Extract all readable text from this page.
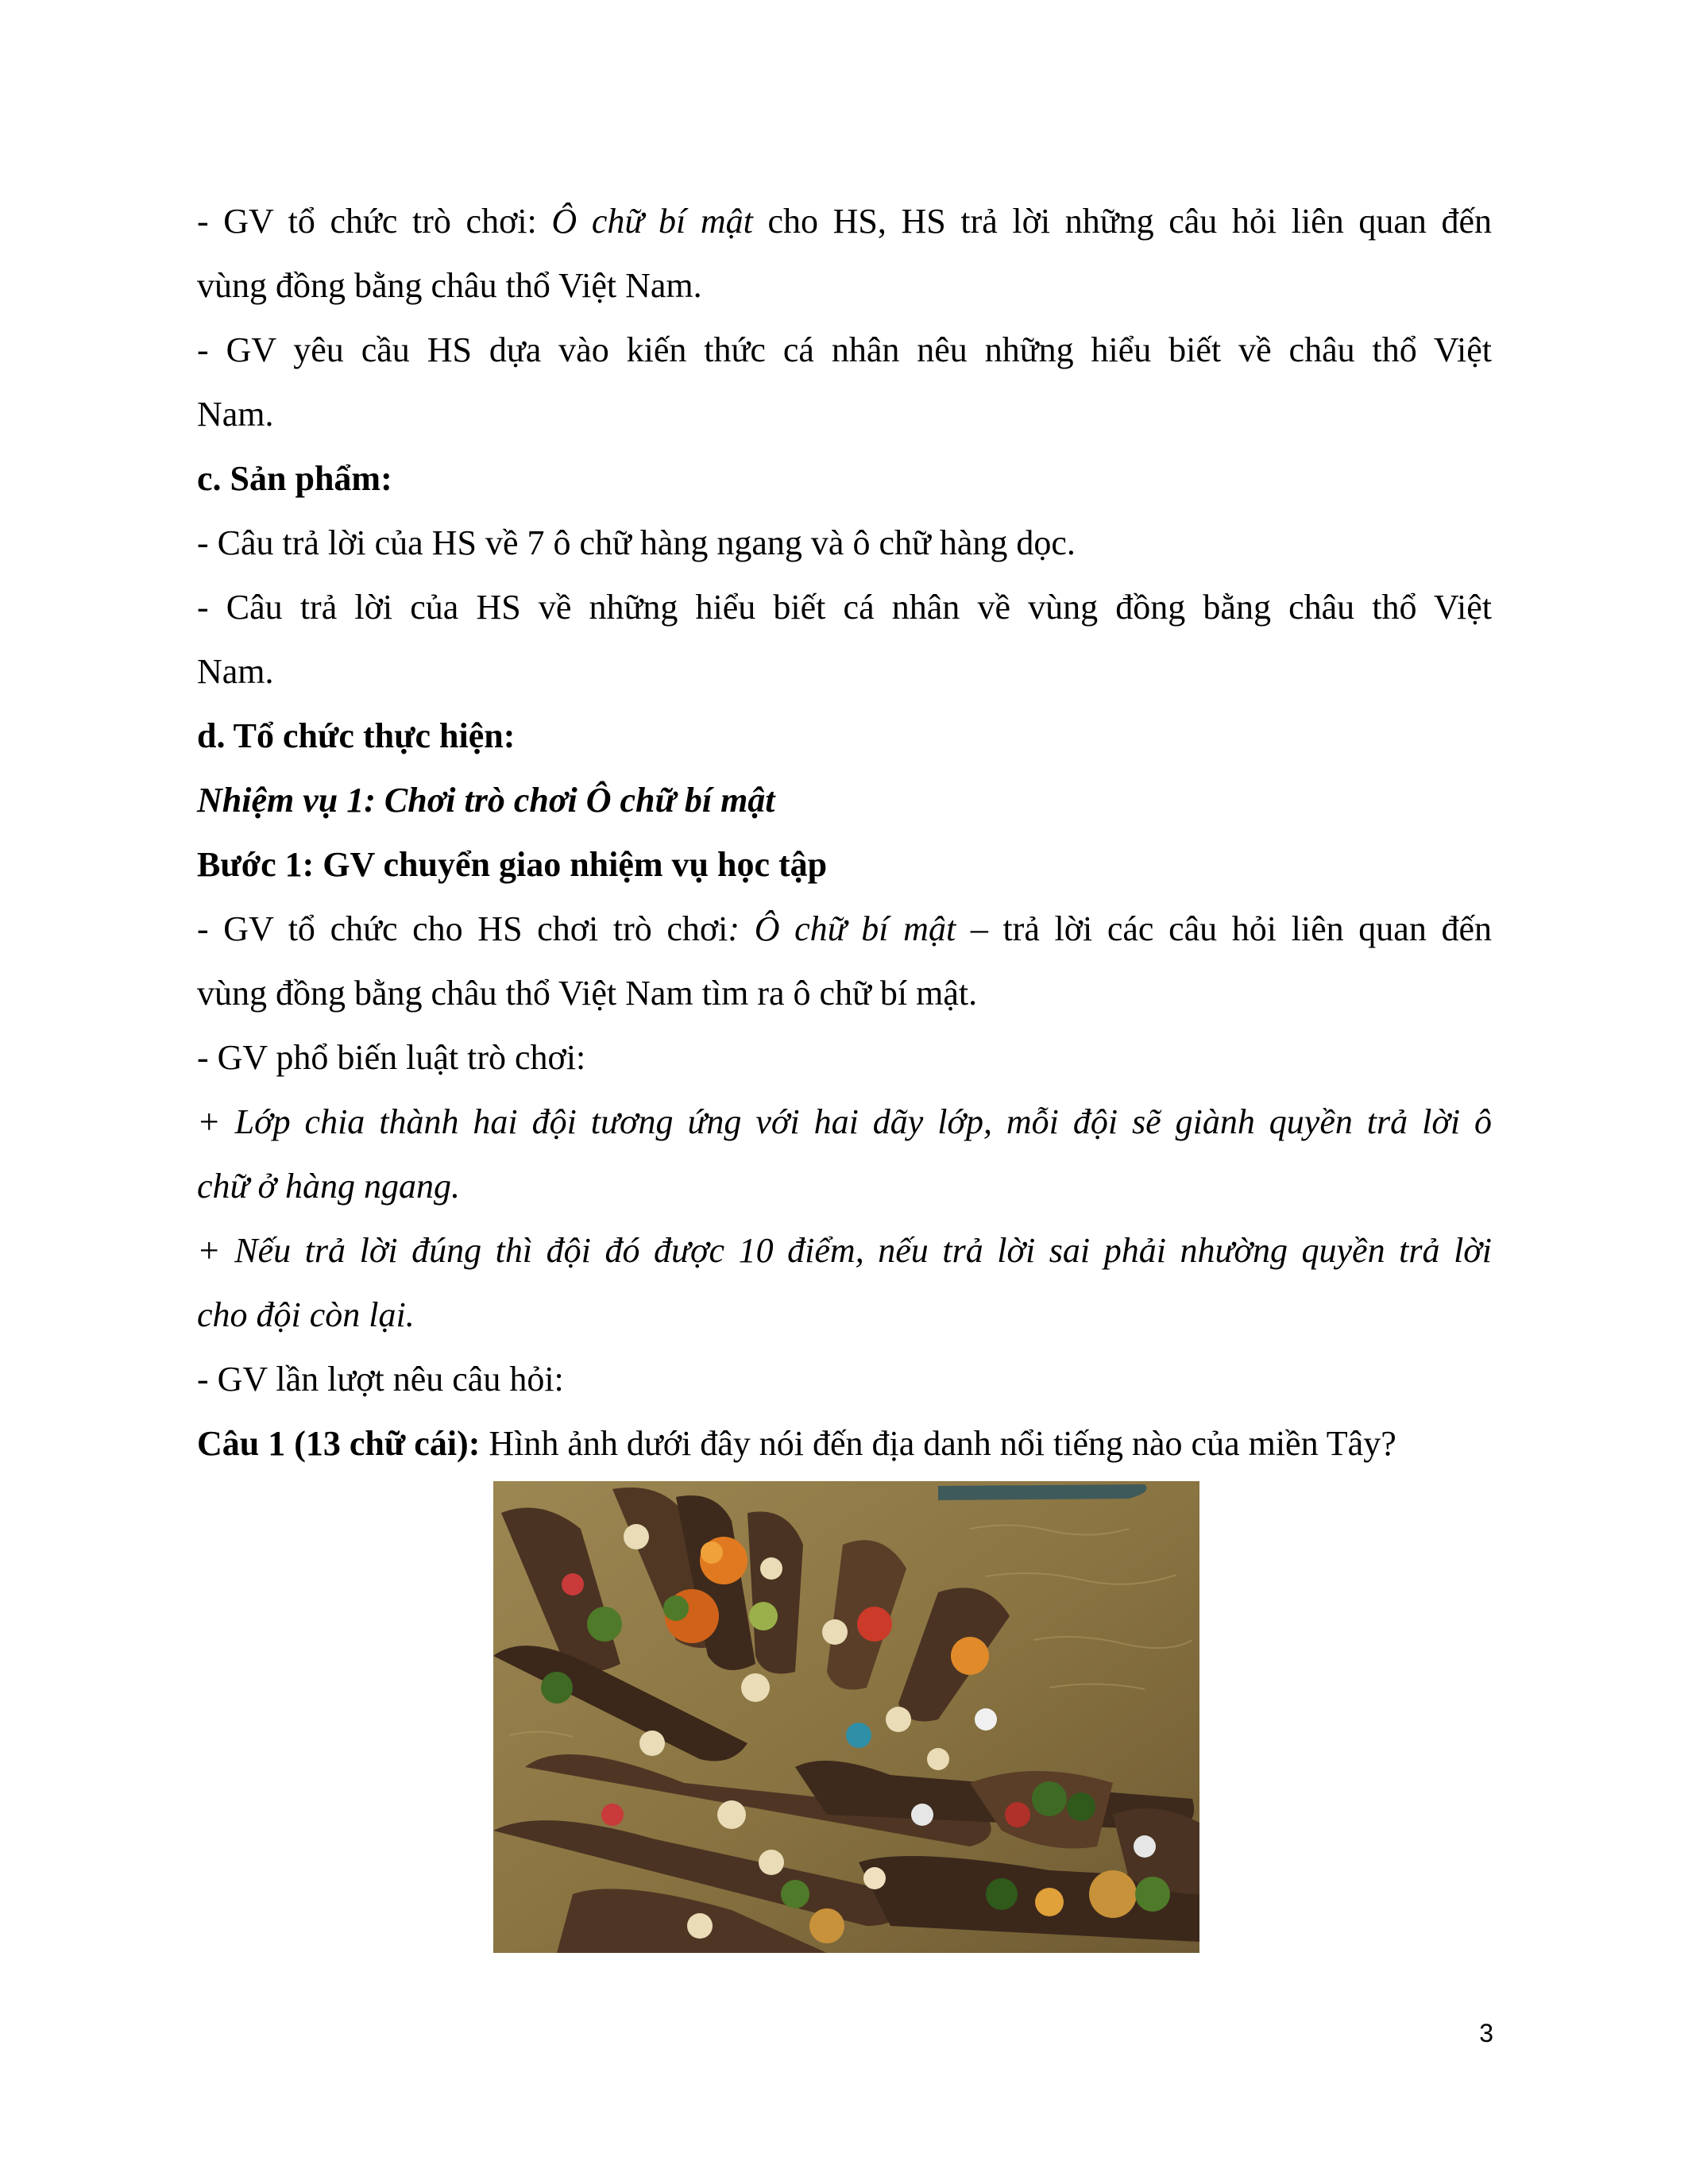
- GV tổ chức trò chơi: Ô chữ bí mật cho HS, HS trả lời những câu hỏi liên quan đến

vùng đồng bằng châu thổ Việt Nam.

- GV yêu cầu HS dựa vào kiến thức cá nhân nêu những hiểu biết về châu thổ Việt

Nam.

c. Sản phẩm:

- Câu trả lời của HS về 7 ô chữ hàng ngang và ô chữ hàng dọc.

- Câu trả lời của HS về những hiểu biết cá nhân về vùng đồng bằng châu thổ Việt

Nam.

d. Tổ chức thực hiện:

Nhiệm vụ 1: Chơi trò chơi Ô chữ bí mật

Bước 1: GV chuyển giao nhiệm vụ học tập

- GV tổ chức cho HS chơi trò chơi: Ô chữ bí mật – trả lời các câu hỏi liên quan đến

vùng đồng bằng châu thổ Việt Nam tìm ra ô chữ bí mật.

- GV phổ biến luật trò chơi:

+ Lớp chia thành hai đội tương ứng với hai dãy lớp, mỗi đội sẽ giành quyền trả lời ô

chữ ở hàng ngang.

+ Nếu trả lời đúng thì đội đó được 10 điểm, nếu trả lời sai phải nhường quyền trả lời

cho đội còn lại.

- GV lần lượt nêu câu hỏi:

Câu 1 (13 chữ cái): Hình ảnh dưới đây nói đến địa danh nổi tiếng nào của miền Tây?

3
